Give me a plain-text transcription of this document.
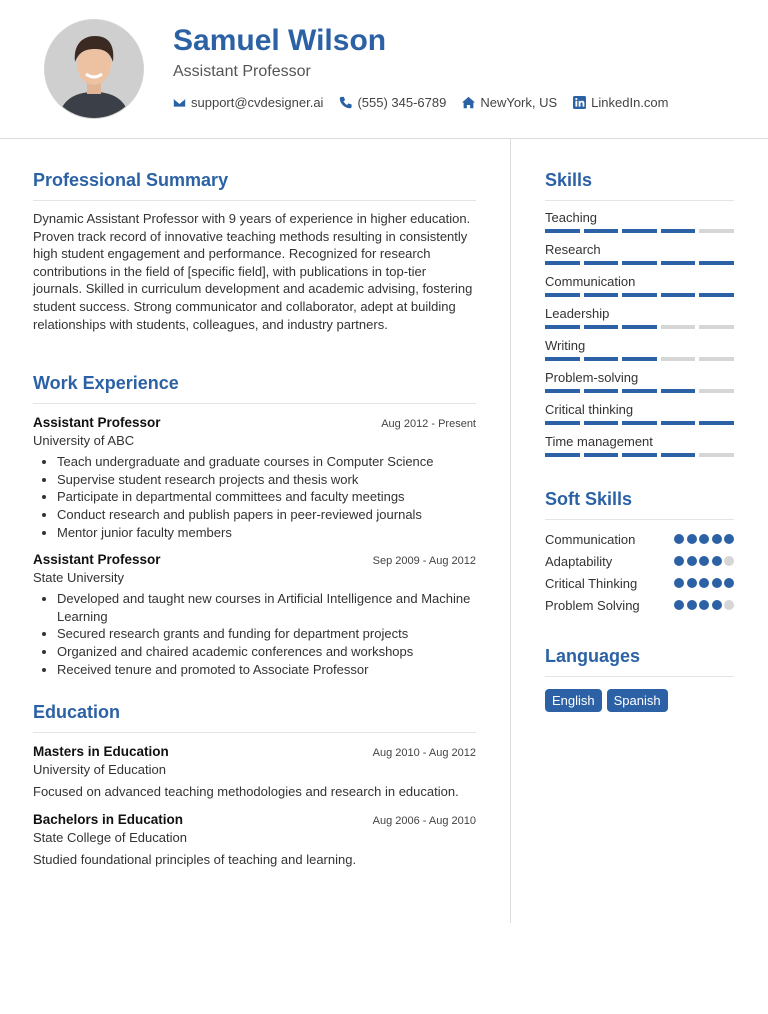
Samuel Wilson
Assistant Professor
support@cvdesigner.ai	(555) 345-6789	NewYork, US	LinkedIn.com
Professional Summary

Dynamic Assistant Professor with 9 years of experience in higher education. Proven track record of innovative teaching methods resulting in consistently high student engagement and performance. Recognized for research contributions in the field of [specific field], with publications in top-tier journals. Skilled in curriculum development and academic advising, fostering student success. Strong communicator and collaborator, adept at building relationships with students, colleagues, and industry partners.

Work Experience
Assistant Professor	Aug 2012 - Present
University of ABC
• Teach undergraduate and graduate courses in Computer Science
• Supervise student research projects and thesis work
• Participate in departmental committees and faculty meetings
• Conduct research and publish papers in peer-reviewed journals
• Mentor junior faculty members
Assistant Professor	Sep 2009 - Aug 2012
State University
• Developed and taught new courses in Artificial Intelligence and Machine Learning
• Secured research grants and funding for department projects
• Organized and chaired academic conferences and workshops
• Received tenure and promoted to Associate Professor
Education
Masters in Education	Aug 2010 - Aug 2012
University of Education

Focused on advanced teaching methodologies and research in education.

Bachelors in Education	Aug 2006 - Aug 2010
State College of Education

Studied foundational principles of teaching and learning.

Skills
Teaching
Research
Communication
Leadership
Writing
Problem-solving
Critical thinking
Time management
Soft Skills
Communication
Adaptability
Critical Thinking
Problem Solving
Languages
English	Spanish
